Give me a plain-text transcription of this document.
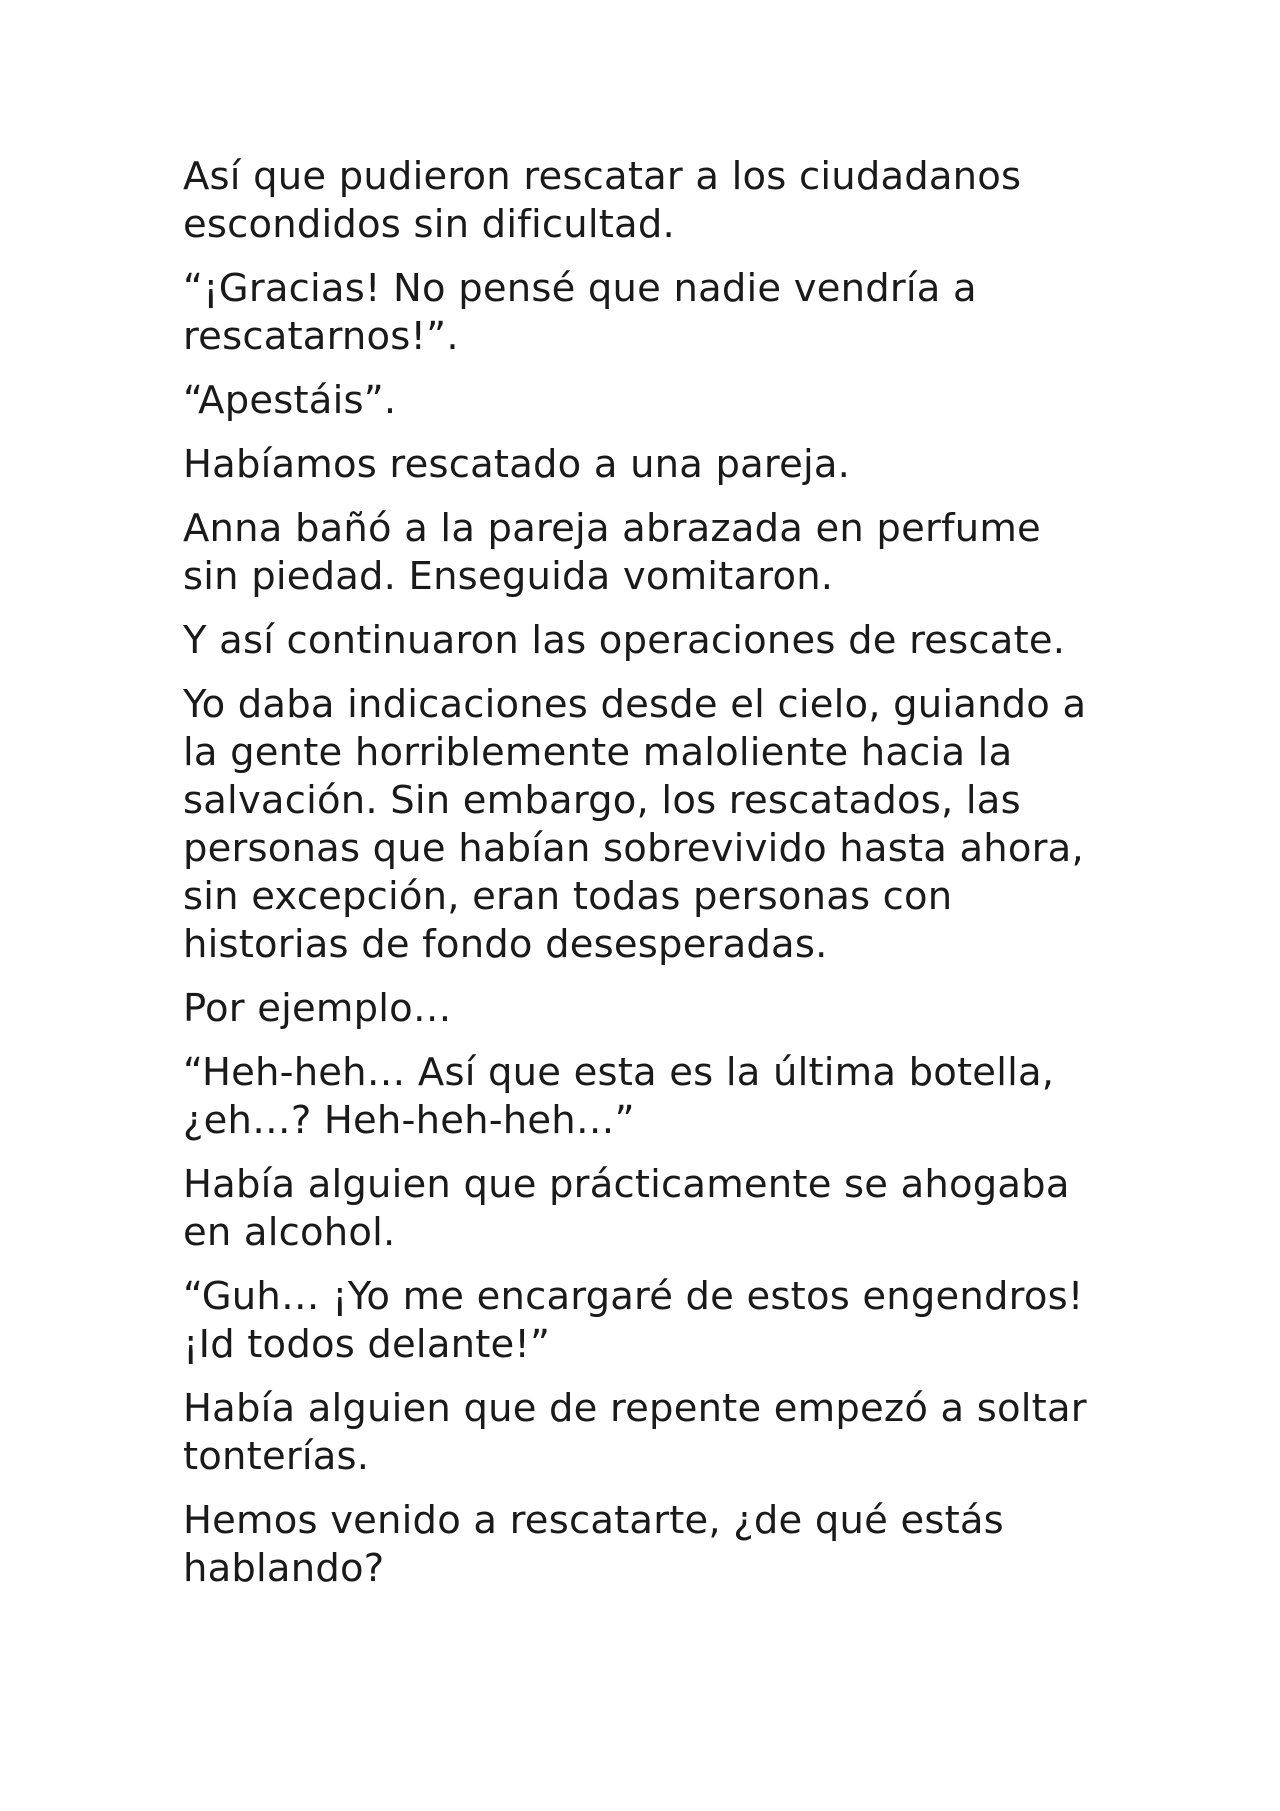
Así que pudieron rescatar a los ciudadanos
escondidos sin dificultad.

“¡Gracias! No pensé que nadie vendría a
rescatarnos!”.

“Apestáis”.

Habíamos rescatado a una pareja.

Anna bañó a la pareja abrazada en perfume
sin piedad. Enseguida vomitaron.

Y así continuaron las operaciones de rescate.

Yo daba indicaciones desde el cielo, guiando a
la gente horriblemente maloliente hacia la
salvación. Sin embargo, los rescatados, las
personas que habían sobrevivido hasta ahora,
sin excepción, eran todas personas con
historias de fondo desesperadas.

Por ejemplo…

“Heh-heh… Así que esta es la última botella,
¿eh…? Heh-heh-heh…”

Había alguien que prácticamente se ahogaba
en alcohol.

“Guh… ¡Yo me encargaré de estos engendros!
¡Id todos delante!”

Había alguien que de repente empezó a soltar
tonterías.

Hemos venido a rescatarte, ¿de qué estás
hablando?
